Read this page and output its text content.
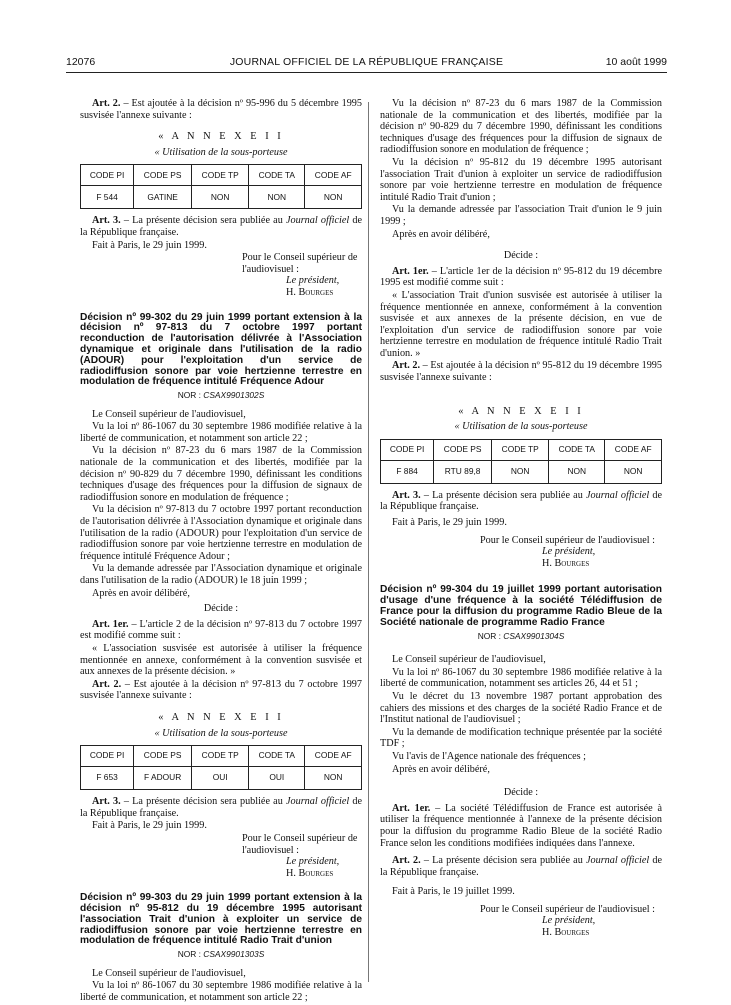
12076	JOURNAL OFFICIEL DE LA RÉPUBLIQUE FRANÇAISE	10 août 1999

Art. 2. – Est ajoutée à la décision nº 95-996 du 5 décembre 1995 susvisée l'annexe suivante :

« A N N E X E I I
« Utilisation de la sous-porteuse
CODE PI	CODE PS	CODE TP	CODE TA	CODE AF
F 544	GATINE	NON	NON	NON

Art. 3. – La présente décision sera publiée au Journal officiel de la République française.

Fait à Paris, le 29 juin 1999.

Pour le Conseil supérieur de l'audiovisuel :
Le président,
H. Bourges
Décision nº 99-302 du 29 juin 1999 portant extension à la décision nº 97-813 du 7 octobre 1997 portant reconduction de l'autorisation délivrée à l'Association dynamique et originale dans l'utilisation de la radio (ADOUR) pour l'exploitation d'un service de radiodiffusion sonore par voie hertzienne terrestre en modulation de fréquence intitulé Fréquence Adour
NOR : CSAX9901302S

Le Conseil supérieur de l'audiovisuel,

Vu la loi nº 86-1067 du 30 septembre 1986 modifiée relative à la liberté de communication, et notamment son article 22 ;

Vu la décision nº 87-23 du 6 mars 1987 de la Commission nationale de la communication et des libertés, modifiée par la décision nº 90-829 du 7 décembre 1990, définissant les conditions techniques d'usage des fréquences pour la diffusion de signaux de radiodiffusion sonore en modulation de fréquence ;

Vu la décision nº 97-813 du 7 octobre 1997 portant reconduction de l'autorisation délivrée à l'Association dynamique et originale dans l'utilisation de la radio (ADOUR) pour l'exploitation d'un service de radiodiffusion sonore par voie hertzienne terrestre en modulation de fréquence intitulé Fréquence Adour ;

Vu la demande adressée par l'Association dynamique et originale dans l'utilisation de la radio (ADOUR) le 18 juin 1999 ;

Après en avoir délibéré,

Décide :

Art. 1er. – L'article 2 de la décision nº 97-813 du 7 octobre 1997 est modifié comme suit :

« L'association susvisée est autorisée à utiliser la fréquence mentionnée en annexe, conformément à la convention susvisée et aux annexes de la présente décision. »

Art. 2. – Est ajoutée à la décision nº 97-813 du 7 octobre 1997 susvisée l'annexe suivante :

« A N N E X E I I
« Utilisation de la sous-porteuse
CODE PI	CODE PS	CODE TP	CODE TA	CODE AF
F 653	F ADOUR	OUI	OUI	NON

Art. 3. – La présente décision sera publiée au Journal officiel de la République française.

Fait à Paris, le 29 juin 1999.

Pour le Conseil supérieur de l'audiovisuel :
Le président,
H. Bourges
Décision nº 99-303 du 29 juin 1999 portant extension à la décision nº 95-812 du 19 décembre 1995 autorisant l'association Trait d'union à exploiter un service de radiodiffusion sonore par voie hertzienne terrestre en modulation de fréquence intitulé Radio Trait d'union
NOR : CSAX9901303S

Le Conseil supérieur de l'audiovisuel,

Vu la loi nº 86-1067 du 30 septembre 1986 modifiée relative à la liberté de communication, et notamment son article 22 ;

Vu la décision nº 87-23 du 6 mars 1987 de la Commission nationale de la communication et des libertés, modifiée par la décision nº 90-829 du 7 décembre 1990, définissant les conditions techniques d'usage des fréquences pour la diffusion de signaux de radiodiffusion sonore en modulation de fréquence ;

Vu la décision nº 95-812 du 19 décembre 1995 autorisant l'association Trait d'union à exploiter un service de radiodiffusion sonore par voie hertzienne terrestre en modulation de fréquence intitulé Radio Trait d'union ;

Vu la demande adressée par l'association Trait d'union le 9 juin 1999 ;

Après en avoir délibéré,

Décide :

Art. 1er. – L'article 1er de la décision nº 95-812 du 19 décembre 1995 est modifié comme suit :

« L'association Trait d'union susvisée est autorisée à utiliser la fréquence mentionnée en annexe, conformément à la convention susvisée et aux annexes de la présente décision, en vue de l'exploitation d'un service de radiodiffusion sonore par voie hertzienne terrestre en modulation de fréquence intitulé Radio Trait d'union. »

Art. 2. – Est ajoutée à la décision nº 95-812 du 19 décembre 1995 susvisée l'annexe suivante :

« A N N E X E I I
« Utilisation de la sous-porteuse
CODE PI	CODE PS	CODE TP	CODE TA	CODE AF
F 884	RTU 89,8	NON	NON	NON

Art. 3. – La présente décision sera publiée au Journal officiel de la République française.

Fait à Paris, le 29 juin 1999.

Pour le Conseil supérieur de l'audiovisuel :
Le président,
H. Bourges
Décision nº 99-304 du 19 juillet 1999 portant autorisation d'usage d'une fréquence à la société Télédiffusion de France pour la diffusion du programme Radio Bleue de la Société nationale de programme Radio France
NOR : CSAX9901304S

Le Conseil supérieur de l'audiovisuel,

Vu la loi nº 86-1067 du 30 septembre 1986 modifiée relative à la liberté de communication, notamment ses articles 26, 44 et 51 ;

Vu le décret du 13 novembre 1987 portant approbation des cahiers des missions et des charges de la société Radio France et de l'Institut national de l'audiovisuel ;

Vu la demande de modification technique présentée par la société TDF ;

Vu l'avis de l'Agence nationale des fréquences ;

Après en avoir délibéré,

Décide :

Art. 1er. – La société Télédiffusion de France est autorisée à utiliser la fréquence mentionnée à l'annexe de la présente décision pour la diffusion du programme Radio Bleue de la société Radio France selon les conditions modifiées indiquées dans l'annexe.

Art. 2. – La présente décision sera publiée au Journal officiel de la République française.

Fait à Paris, le 19 juillet 1999.

Pour le Conseil supérieur de l'audiovisuel :
Le président,
H. Bourges
